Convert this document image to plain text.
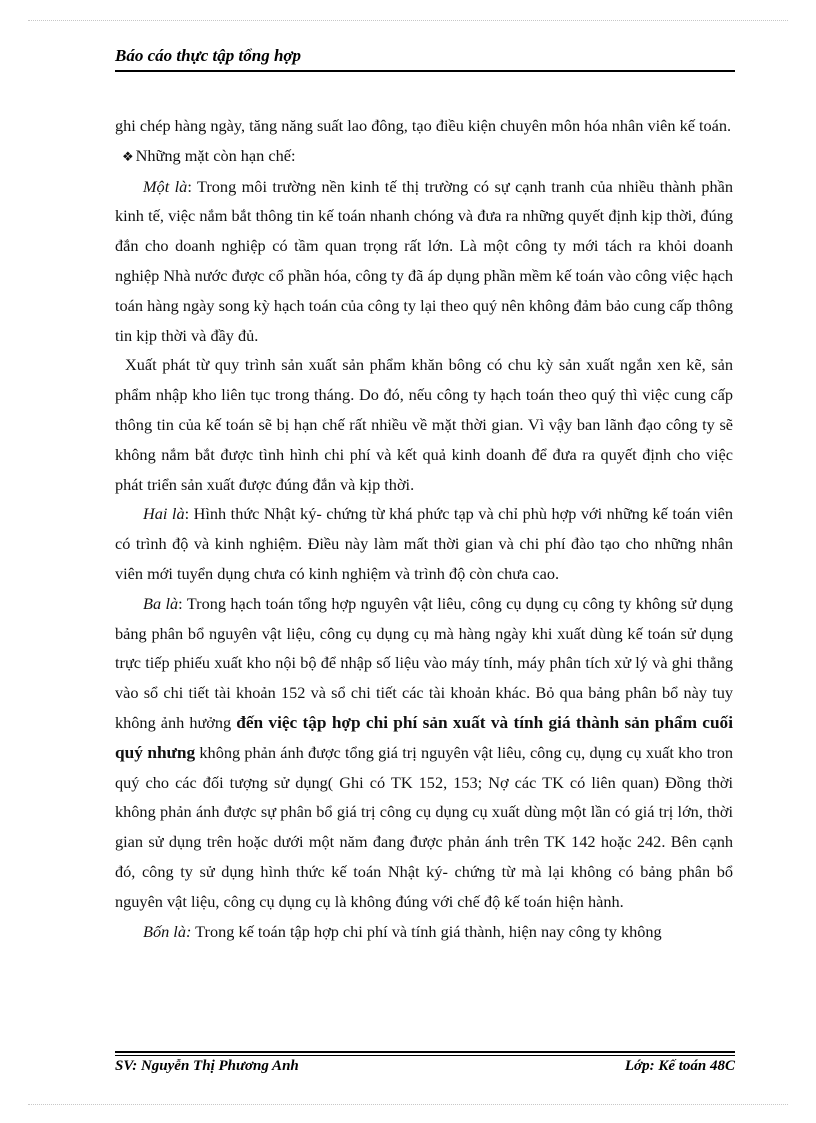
Báo cáo thực tập tổng hợp

ghi chép hàng ngày, tăng năng suất lao đông, tạo điều kiện chuyên môn hóa nhân viên kế toán.

❖ Những mặt còn hạn chế:

Một là: Trong môi trường nền kinh tế thị trường có sự cạnh tranh của nhiều thành phần kinh tế, việc nắm bắt thông tin kế toán nhanh chóng và đưa ra những quyết định kịp thời, đúng đắn cho doanh nghiệp có tầm quan trọng rất lớn. Là một công ty mới tách ra khỏi doanh nghiệp Nhà nước được cổ phần hóa, công ty đã áp dụng phần mềm kế toán vào công việc hạch toán hàng ngày song kỳ hạch toán của công ty lại theo quý nên không đảm bảo cung cấp thông tin kịp thời và đầy đủ.

Xuất phát từ quy trình sản xuất sản phẩm khăn bông có chu kỳ sản xuất ngắn xen kẽ, sản phẩm nhập kho liên tục trong tháng. Do đó, nếu công ty hạch toán theo quý thì việc cung cấp thông tin của kế toán sẽ bị hạn chế rất nhiều về mặt thời gian. Vì vậy ban lãnh đạo công ty sẽ không nắm bắt được tình hình chi phí và kết quả kinh doanh để đưa ra quyết định cho việc phát triển sản xuất được đúng đắn và kịp thời.

Hai là: Hình thức Nhật ký- chứng từ khá phức tạp và chỉ phù hợp với những kế toán viên có trình độ và kinh nghiệm. Điều này làm mất thời gian và chi phí đào tạo cho những nhân viên mới tuyển dụng chưa có kinh nghiệm và trình độ còn chưa cao.

Ba là: Trong hạch toán tổng hợp nguyên vật liêu, công cụ dụng cụ công ty không sử dụng bảng phân bổ nguyên vật liệu, công cụ dụng cụ mà hàng ngày khi xuất dùng kế toán sử dụng trực tiếp phiếu xuất kho nội bộ để nhập số liệu vào máy tính, máy phân tích xử lý và ghi thẳng vào sổ chi tiết tài khoản 152 và sổ chi tiết các tài khoản khác. Bỏ qua bảng phân bổ này tuy không ảnh hưởng đến việc tập hợp chi phí sản xuất và tính giá thành sản phẩm cuối quý nhưng không phản ánh được tổng giá trị nguyên vật liêu, công cụ, dụng cụ xuất kho tron quý cho các đối tượng sử dụng( Ghi có TK 152, 153; Nợ các TK có liên quan) Đồng thời không phản ánh được sự phân bổ giá trị công cụ dụng cụ xuất dùng một lần có giá trị lớn, thời gian sử dụng trên hoặc dưới một năm đang được phản ánh trên TK 142 hoặc 242. Bên cạnh đó, công ty sử dụng hình thức kế toán Nhật ký- chứng từ mà lại không có bảng phân bổ nguyên vật liệu, công cụ dụng cụ là không đúng với chế độ kế toán hiện hành.

Bốn là: Trong kế toán tập hợp chi phí và tính giá thành, hiện nay công ty không

SV: Nguyễn Thị Phương Anh	Lớp: Kế toán 48C
